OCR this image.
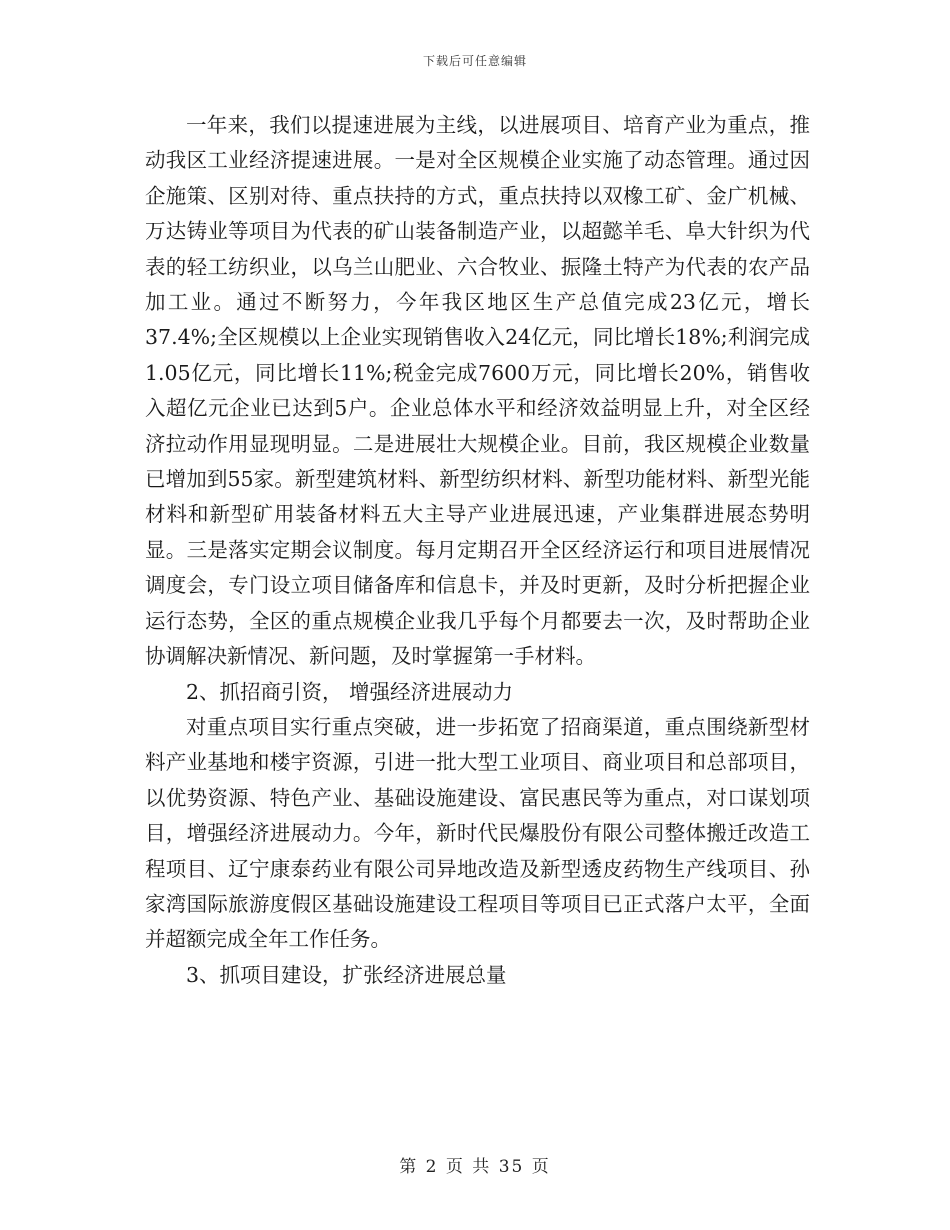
下载后可任意编辑

一年来，我们以提速进展为主线，以进展项目、培育产业为重点，推动我区工业经济提速进展。一是对全区规模企业实施了动态管理。通过因企施策、区别对待、重点扶持的方式，重点扶持以双橡工矿、金广机械、万达铸业等项目为代表的矿山装备制造产业，以超懿羊毛、阜大针织为代表的轻工纺织业，以乌兰山肥业、六合牧业、振隆土特产为代表的农产品加工业。通过不断努力，今年我区地区生产总值完成23亿元，增长37.4%;全区规模以上企业实现销售收入24亿元，同比增长18%;利润完成1.05亿元，同比增长11%;税金完成7600万元，同比增长20%，销售收入超亿元企业已达到5户。企业总体水平和经济效益明显上升，对全区经济拉动作用显现明显。二是进展壮大规模企业。目前，我区规模企业数量已增加到55家。新型建筑材料、新型纺织材料、新型功能材料、新型光能材料和新型矿用装备材料五大主导产业进展迅速，产业集群进展态势明显。三是落实定期会议制度。每月定期召开全区经济运行和项目进展情况调度会，专门设立项目储备库和信息卡，并及时更新，及时分析把握企业运行态势，全区的重点规模企业我几乎每个月都要去一次，及时帮助企业协调解决新情况、新问题，及时掌握第一手材料。

2、抓招商引资， 增强经济进展动力

对重点项目实行重点突破，进一步拓宽了招商渠道，重点围绕新型材料产业基地和楼宇资源，引进一批大型工业项目、商业项目和总部项目，以优势资源、特色产业、基础设施建设、富民惠民等为重点，对口谋划项目，增强经济进展动力。今年，新时代民爆股份有限公司整体搬迁改造工程项目、辽宁康泰药业有限公司异地改造及新型透皮药物生产线项目、孙家湾国际旅游度假区基础设施建设工程项目等项目已正式落户太平，全面并超额完成全年工作任务。

3、抓项目建设，扩张经济进展总量

第 2 页 共 35 页
